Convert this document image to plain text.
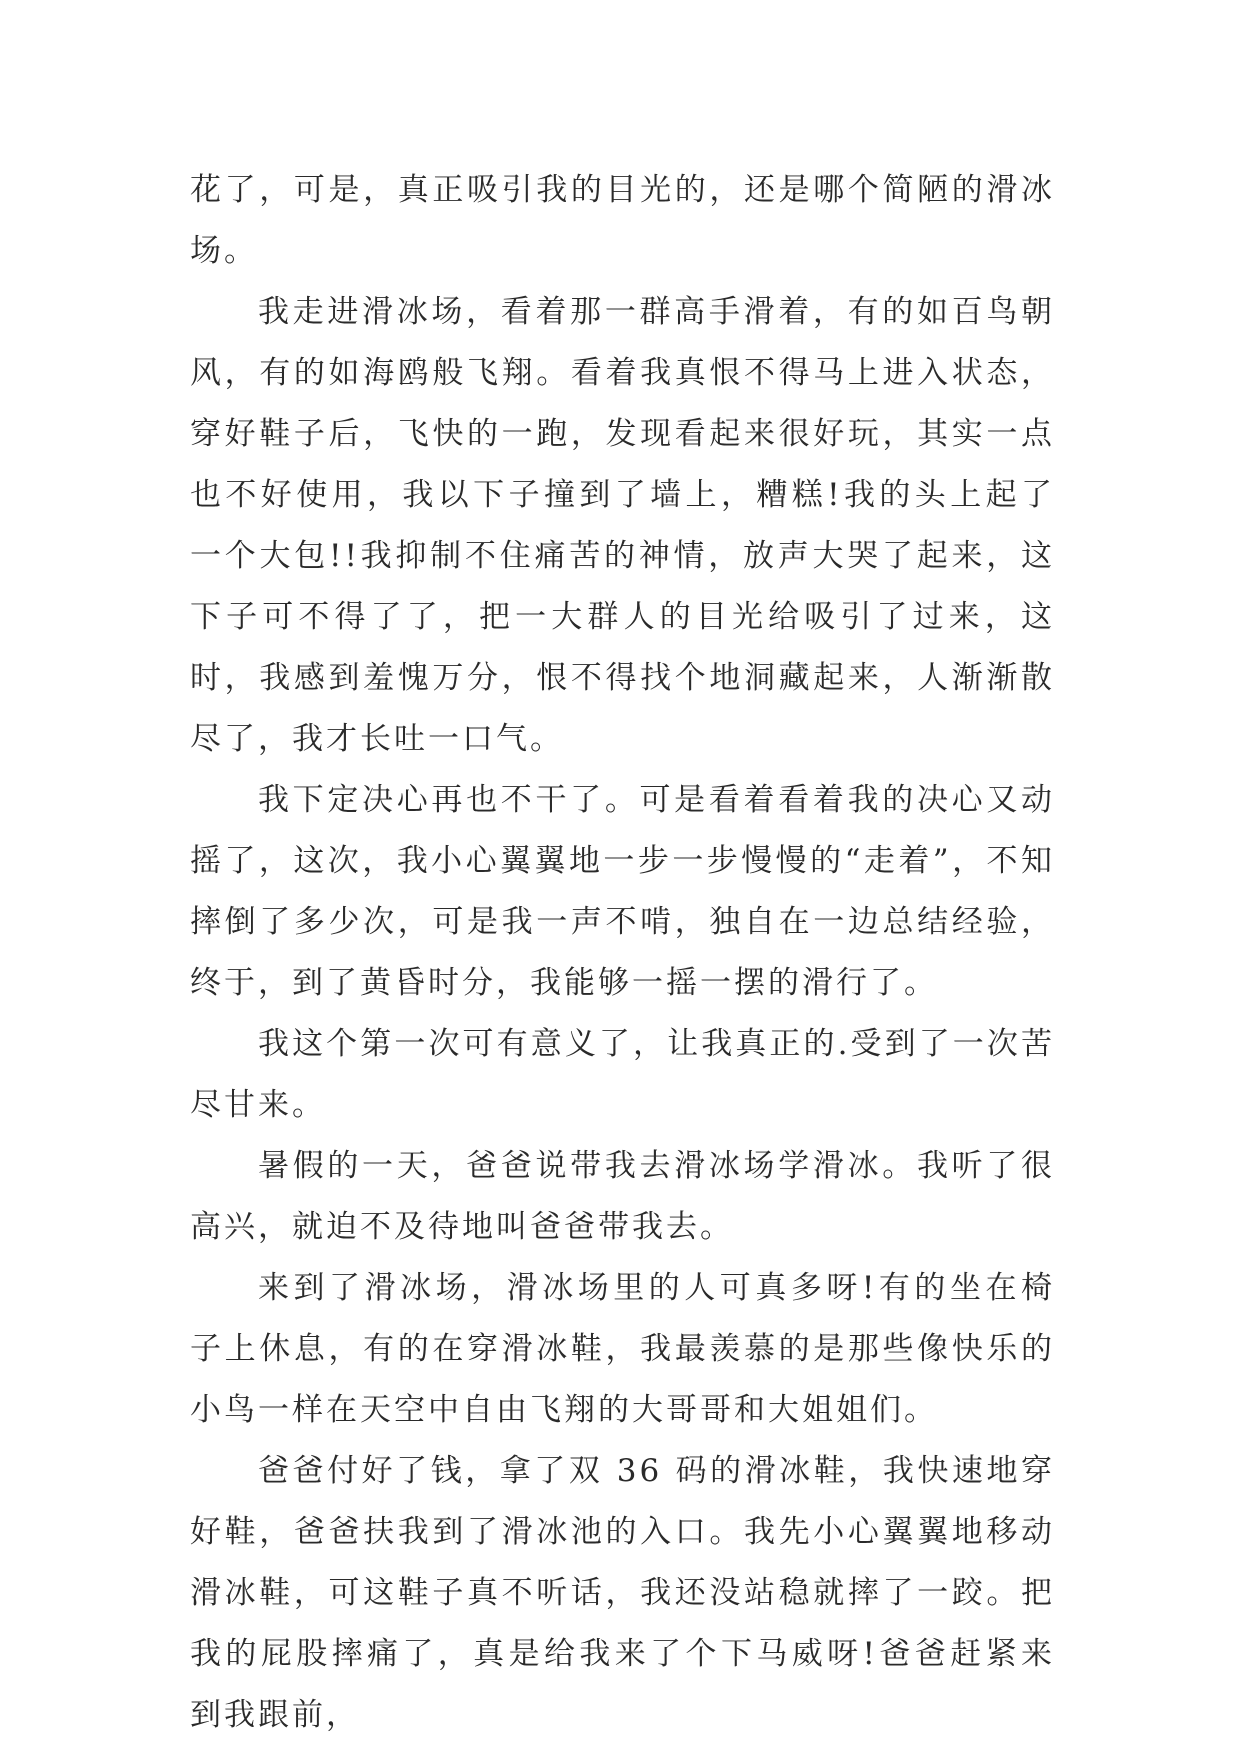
花了，可是，真正吸引我的目光的，还是哪个简陋的滑冰场。

我走进滑冰场，看着那一群高手滑着，有的如百鸟朝风，有的如海鸥般飞翔。看着我真恨不得马上进入状态，穿好鞋子后，飞快的一跑，发现看起来很好玩，其实一点也不好使用，我以下子撞到了墙上，糟糕!我的头上起了一个大包!!我抑制不住痛苦的神情，放声大哭了起来，这下子可不得了了，把一大群人的目光给吸引了过来，这时，我感到羞愧万分，恨不得找个地洞藏起来，人渐渐散尽了，我才长吐一口气。

我下定决心再也不干了。可是看着看着我的决心又动摇了，这次，我小心翼翼地一步一步慢慢的“走着”，不知摔倒了多少次，可是我一声不啃，独自在一边总结经验，终于，到了黄昏时分，我能够一摇一摆的滑行了。

我这个第一次可有意义了，让我真正的.受到了一次苦尽甘来。

暑假的一天，爸爸说带我去滑冰场学滑冰。我听了很高兴，就迫不及待地叫爸爸带我去。

来到了滑冰场，滑冰场里的人可真多呀!有的坐在椅子上休息，有的在穿滑冰鞋，我最羡慕的是那些像快乐的小鸟一样在天空中自由飞翔的大哥哥和大姐姐们。

爸爸付好了钱，拿了双 36 码的滑冰鞋，我快速地穿好鞋，爸爸扶我到了滑冰池的入口。我先小心翼翼地移动滑冰鞋，可这鞋子真不听话，我还没站稳就摔了一跤。把我的屁股摔痛了，真是给我来了个下马威呀!爸爸赶紧来到我跟前，
